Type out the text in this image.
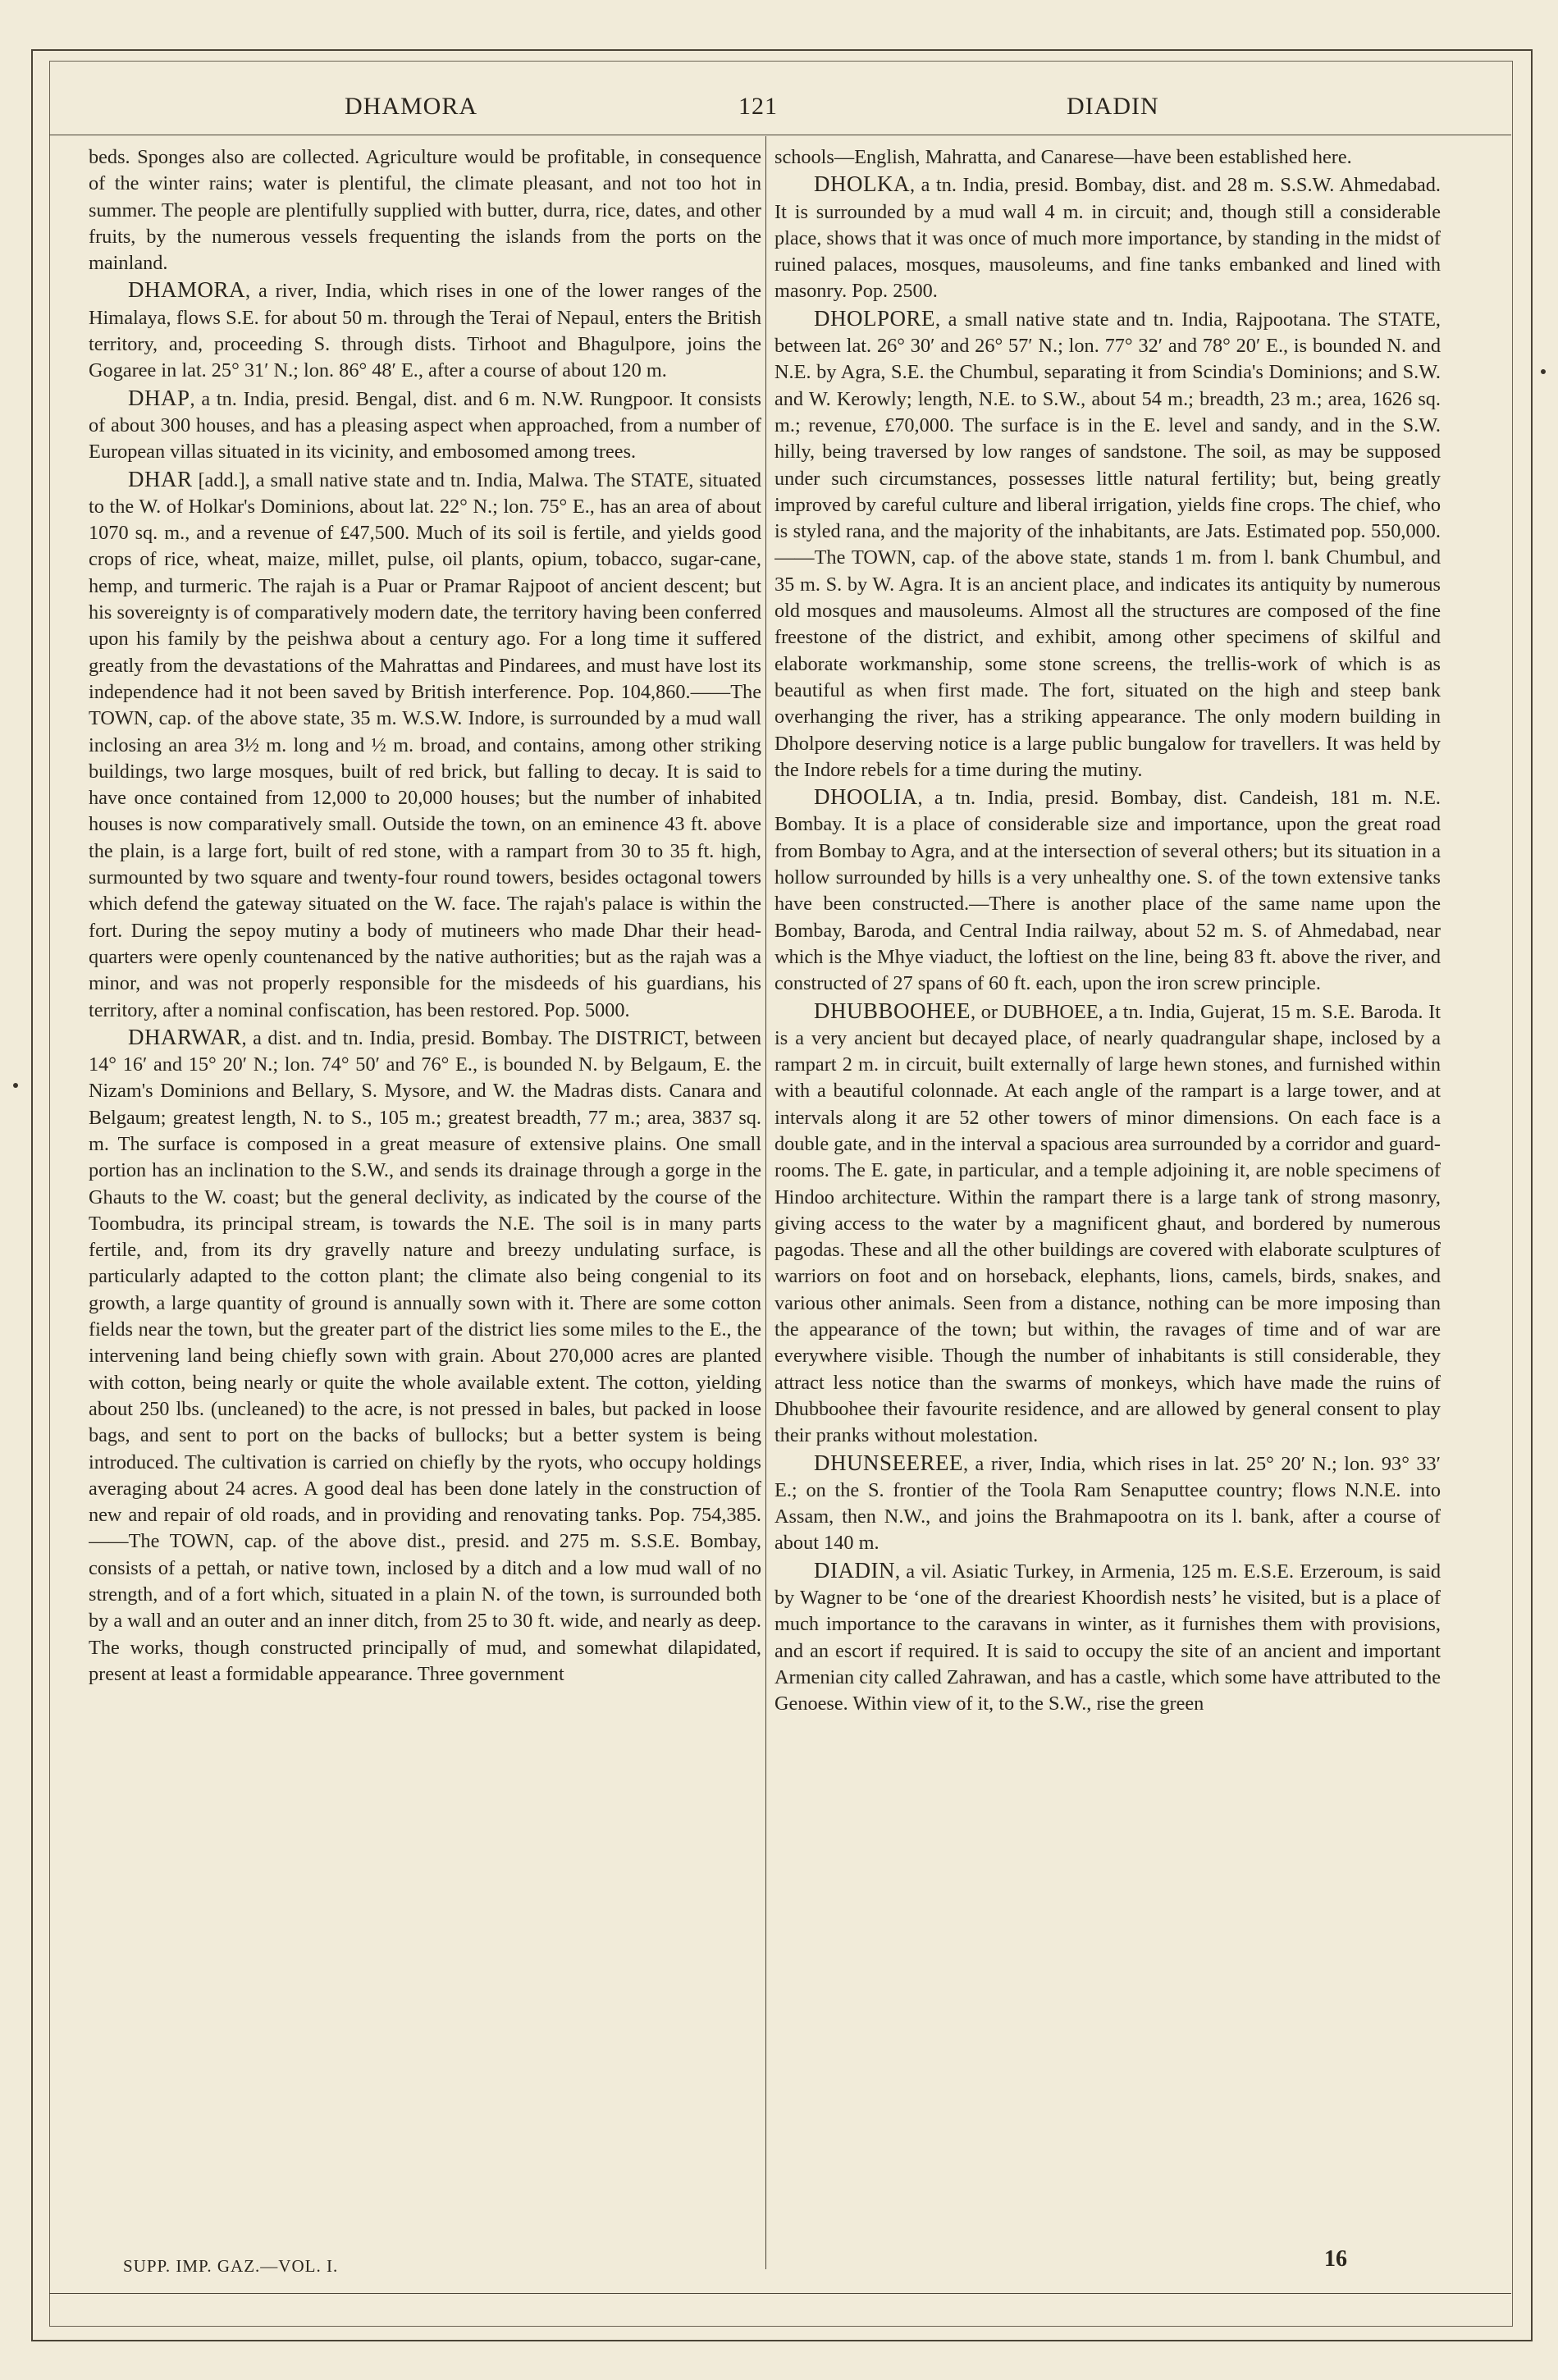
DHAMORA	121	DIADIN

beds. Sponges also are collected. Agriculture would be profitable, in consequence of the winter rains; water is plentiful, the climate pleasant, and not too hot in summer. The people are plentifully supplied with butter, durra, rice, dates, and other fruits, by the numerous vessels frequenting the islands from the ports on the mainland.

DHAMORA, a river, India, which rises in one of the lower ranges of the Himalaya, flows S.E. for about 50 m. through the Terai of Nepaul, enters the British territory, and, proceeding S. through dists. Tirhoot and Bhagulpore, joins the Gogaree in lat. 25° 31′ N.; lon. 86° 48′ E., after a course of about 120 m.

DHAP, a tn. India, presid. Bengal, dist. and 6 m. N.W. Rungpoor. It consists of about 300 houses, and has a pleasing aspect when approached, from a number of European villas situated in its vicinity, and embosomed among trees.

DHAR [add.], a small native state and tn. India, Malwa. The STATE, situated to the W. of Holkar's Dominions, about lat. 22° N.; lon. 75° E., has an area of about 1070 sq. m., and a revenue of £47,500. Much of its soil is fertile, and yields good crops of rice, wheat, maize, millet, pulse, oil plants, opium, tobacco, sugar-cane, hemp, and turmeric. The rajah is a Puar or Pramar Rajpoot of ancient descent; but his sovereignty is of comparatively modern date, the territory having been conferred upon his family by the peishwa about a century ago. For a long time it suffered greatly from the devastations of the Mahrattas and Pindarees, and must have lost its independence had it not been saved by British interference. Pop. 104,860.——The TOWN, cap. of the above state, 35 m. W.S.W. Indore, is surrounded by a mud wall inclosing an area 3½ m. long and ½ m. broad, and contains, among other striking buildings, two large mosques, built of red brick, but falling to decay. It is said to have once contained from 12,000 to 20,000 houses; but the number of inhabited houses is now comparatively small. Outside the town, on an eminence 43 ft. above the plain, is a large fort, built of red stone, with a rampart from 30 to 35 ft. high, surmounted by two square and twenty-four round towers, besides octagonal towers which defend the gateway situated on the W. face. The rajah's palace is within the fort. During the sepoy mutiny a body of mutineers who made Dhar their head-quarters were openly countenanced by the native authorities; but as the rajah was a minor, and was not properly responsible for the misdeeds of his guardians, his territory, after a nominal confiscation, has been restored. Pop. 5000.

DHARWAR, a dist. and tn. India, presid. Bombay. The DISTRICT, between 14° 16′ and 15° 20′ N.; lon. 74° 50′ and 76° E., is bounded N. by Belgaum, E. the Nizam's Dominions and Bellary, S. Mysore, and W. the Madras dists. Canara and Belgaum; greatest length, N. to S., 105 m.; greatest breadth, 77 m.; area, 3837 sq. m. The surface is composed in a great measure of extensive plains. One small portion has an inclination to the S.W., and sends its drainage through a gorge in the Ghauts to the W. coast; but the general declivity, as indicated by the course of the Toombudra, its principal stream, is towards the N.E. The soil is in many parts fertile, and, from its dry gravelly nature and breezy undulating surface, is particularly adapted to the cotton plant; the climate also being congenial to its growth, a large quantity of ground is annually sown with it. There are some cotton fields near the town, but the greater part of the district lies some miles to the E., the intervening land being chiefly sown with grain. About 270,000 acres are planted with cotton, being nearly or quite the whole available extent. The cotton, yielding about 250 lbs. (uncleaned) to the acre, is not pressed in bales, but packed in loose bags, and sent to port on the backs of bullocks; but a better system is being introduced. The cultivation is carried on chiefly by the ryots, who occupy holdings averaging about 24 acres. A good deal has been done lately in the construction of new and repair of old roads, and in providing and renovating tanks. Pop. 754,385.——The TOWN, cap. of the above dist., presid. and 275 m. S.S.E. Bombay, consists of a pettah, or native town, inclosed by a ditch and a low mud wall of no strength, and of a fort which, situated in a plain N. of the town, is surrounded both by a wall and an outer and an inner ditch, from 25 to 30 ft. wide, and nearly as deep. The works, though constructed principally of mud, and somewhat dilapidated, present at least a formidable appearance. Three government

schools—English, Mahratta, and Canarese—have been established here.

DHOLKA, a tn. India, presid. Bombay, dist. and 28 m. S.S.W. Ahmedabad. It is surrounded by a mud wall 4 m. in circuit; and, though still a considerable place, shows that it was once of much more importance, by standing in the midst of ruined palaces, mosques, mausoleums, and fine tanks embanked and lined with masonry. Pop. 2500.

DHOLPORE, a small native state and tn. India, Rajpootana. The STATE, between lat. 26° 30′ and 26° 57′ N.; lon. 77° 32′ and 78° 20′ E., is bounded N. and N.E. by Agra, S.E. the Chumbul, separating it from Scindia's Dominions; and S.W. and W. Kerowly; length, N.E. to S.W., about 54 m.; breadth, 23 m.; area, 1626 sq. m.; revenue, £70,000. The surface is in the E. level and sandy, and in the S.W. hilly, being traversed by low ranges of sandstone. The soil, as may be supposed under such circumstances, possesses little natural fertility; but, being greatly improved by careful culture and liberal irrigation, yields fine crops. The chief, who is styled rana, and the majority of the inhabitants, are Jats. Estimated pop. 550,000.——The TOWN, cap. of the above state, stands 1 m. from l. bank Chumbul, and 35 m. S. by W. Agra. It is an ancient place, and indicates its antiquity by numerous old mosques and mausoleums. Almost all the structures are composed of the fine freestone of the district, and exhibit, among other specimens of skilful and elaborate workmanship, some stone screens, the trellis-work of which is as beautiful as when first made. The fort, situated on the high and steep bank overhanging the river, has a striking appearance. The only modern building in Dholpore deserving notice is a large public bungalow for travellers. It was held by the Indore rebels for a time during the mutiny.

DHOOLIA, a tn. India, presid. Bombay, dist. Candeish, 181 m. N.E. Bombay. It is a place of considerable size and importance, upon the great road from Bombay to Agra, and at the intersection of several others; but its situation in a hollow surrounded by hills is a very unhealthy one. S. of the town extensive tanks have been constructed.—There is another place of the same name upon the Bombay, Baroda, and Central India railway, about 52 m. S. of Ahmedabad, near which is the Mhye viaduct, the loftiest on the line, being 83 ft. above the river, and constructed of 27 spans of 60 ft. each, upon the iron screw principle.

DHUBBOOHEE, or DUBHOEE, a tn. India, Gujerat, 15 m. S.E. Baroda. It is a very ancient but decayed place, of nearly quadrangular shape, inclosed by a rampart 2 m. in circuit, built externally of large hewn stones, and furnished within with a beautiful colonnade. At each angle of the rampart is a large tower, and at intervals along it are 52 other towers of minor dimensions. On each face is a double gate, and in the interval a spacious area surrounded by a corridor and guard-rooms. The E. gate, in particular, and a temple adjoining it, are noble specimens of Hindoo architecture. Within the rampart there is a large tank of strong masonry, giving access to the water by a magnificent ghaut, and bordered by numerous pagodas. These and all the other buildings are covered with elaborate sculptures of warriors on foot and on horseback, elephants, lions, camels, birds, snakes, and various other animals. Seen from a distance, nothing can be more imposing than the appearance of the town; but within, the ravages of time and of war are everywhere visible. Though the number of inhabitants is still considerable, they attract less notice than the swarms of monkeys, which have made the ruins of Dhubboohee their favourite residence, and are allowed by general consent to play their pranks without molestation.

DHUNSEEREE, a river, India, which rises in lat. 25° 20′ N.; lon. 93° 33′ E.; on the S. frontier of the Toola Ram Senaputtee country; flows N.N.E. into Assam, then N.W., and joins the Brahmapootra on its l. bank, after a course of about 140 m.

DIADIN, a vil. Asiatic Turkey, in Armenia, 125 m. E.S.E. Erzeroum, is said by Wagner to be ‘one of the dreariest Khoordish nests’ he visited, but is a place of much importance to the caravans in winter, as it furnishes them with provisions, and an escort if required. It is said to occupy the site of an ancient and important Armenian city called Zahrawan, and has a castle, which some have attributed to the Genoese. Within view of it, to the S.W., rise the green

SUPP. IMP. GAZ.—VOL. I.	16
